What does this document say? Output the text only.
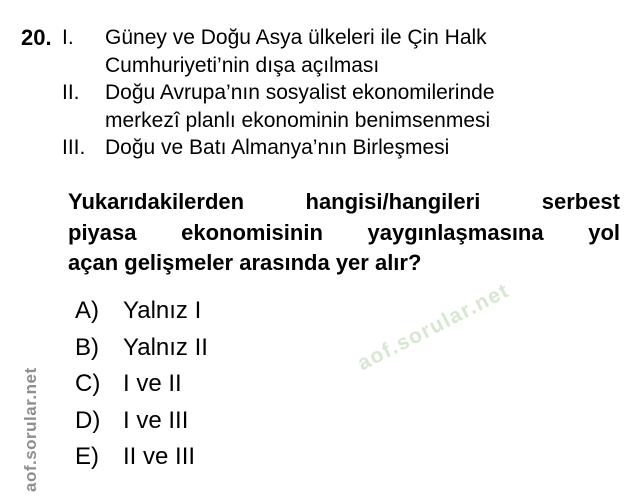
aof.sorular.net
aof.sorular.net
20. I.	Güney ve Doğu Asya ülkeleri ile Çin Halk
Cumhuriyeti’nin dışa açılması
II.	Doğu Avrupa’nın sosyalist ekonomilerinde
merkezî planlı ekonominin benimsenmesi
III. Doğu ve Batı Almanya’nın Birleşmesi
Yukarıdakilerden hangisi/hangileri serbest
piyasa ekonomisinin yaygınlaşmasına yol
açan gelişmeler arasında yer alır?
A)	Yalnız I
B)	Yalnız II
C) I ve II
D) I ve III
E)	II ve III
